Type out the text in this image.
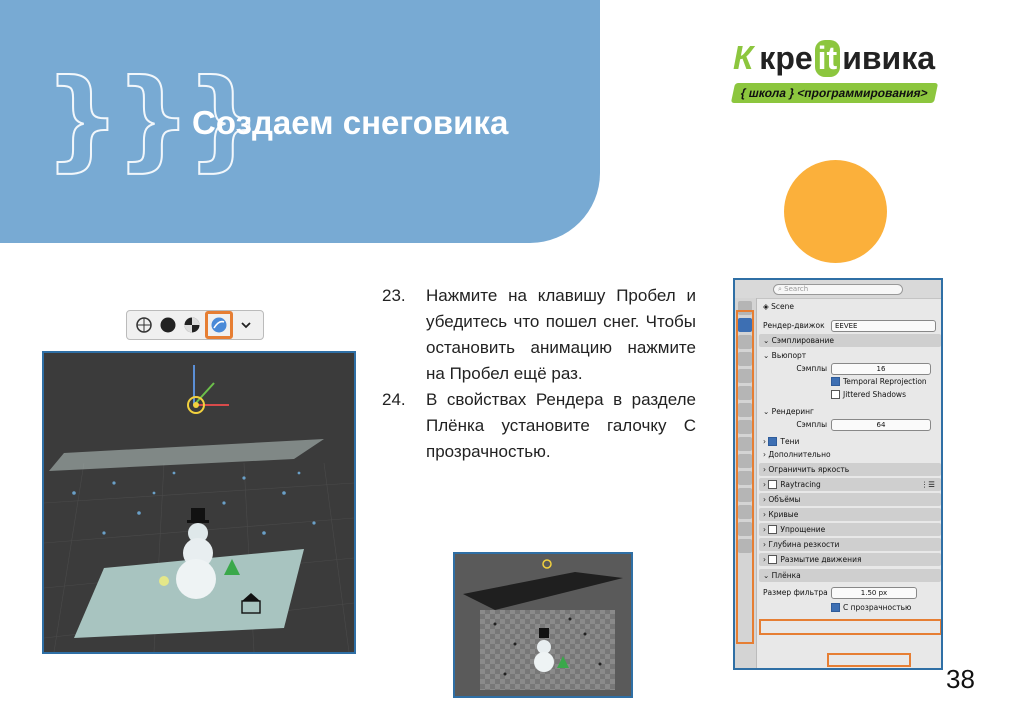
}}}
Создаем снеговика
К кре it ивика
{ школа } <программирования>
23.	Нажмите на клавишу Пробел и убедитесь что пошел снег. Чтобы остановить анимацию нажмите на Пробел ещё раз.
24.	В свойствах Рендера в разделе Плёнка установите галочку С прозрачностью.
⌕ Search
◈ Scene
Рендер-движок	EEVEE
⌄ Сэмплирование
⌄ Вьюпорт
Сэмплы	16
Temporal Reprojection
Jittered Shadows
⌄ Рендеринг
Сэмплы	64
› Тени
› Дополнительно
› Ограничить яркость
› Raytracing	⋮☰
› Объёмы
› Кривые
› Упрощение
› Глубина резкости
› Размытие движения
⌄ Плёнка
Размер фильтра	1.50 px
С прозрачностью
38
